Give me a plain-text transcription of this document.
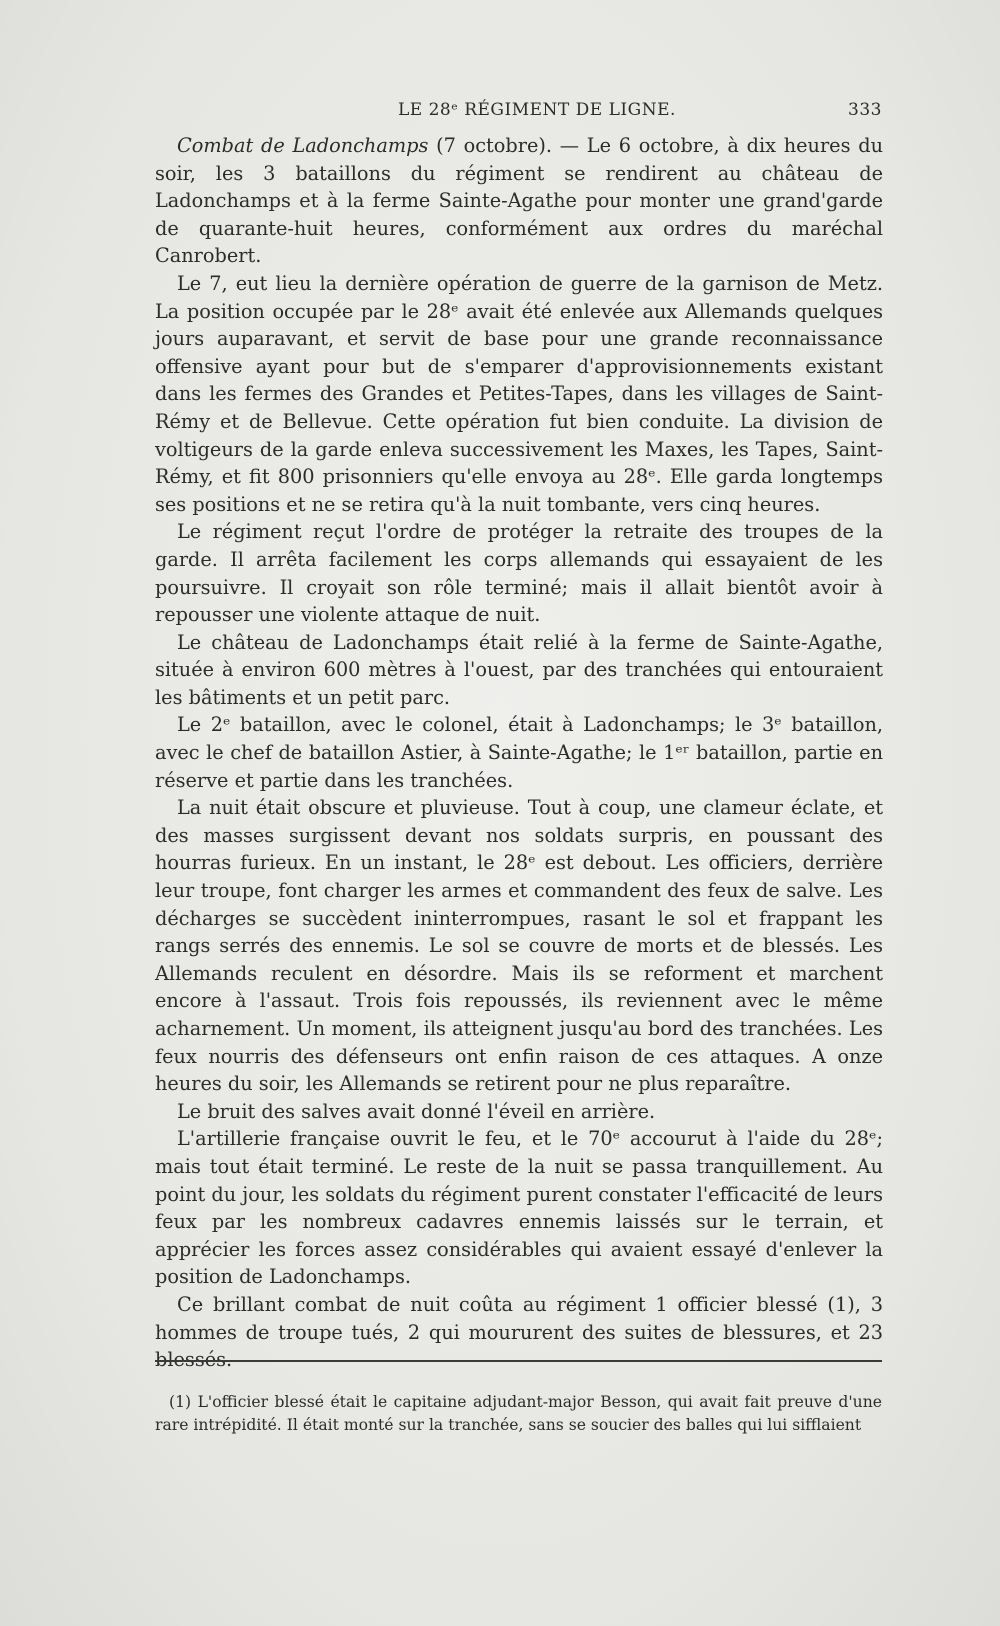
LE 28ᵉ RÉGIMENT DE LIGNE.	333

Combat de Ladonchamps (7 octobre). — Le 6 octobre, à dix heures du soir, les 3 bataillons du régiment se rendirent au château de Ladonchamps et à la ferme Sainte-Agathe pour monter une grand'garde de quarante-huit heures, conformément aux ordres du maréchal Canrobert.

Le 7, eut lieu la dernière opération de guerre de la garnison de Metz. La position occupée par le 28ᵉ avait été enlevée aux Allemands quelques jours auparavant, et servit de base pour une grande reconnaissance offensive ayant pour but de s'emparer d'approvisionnements existant dans les fermes des Grandes et Petites-Tapes, dans les villages de Saint-Rémy et de Bellevue. Cette opération fut bien conduite. La division de voltigeurs de la garde enleva successivement les Maxes, les Tapes, Saint-Rémy, et fit 800 prisonniers qu'elle envoya au 28ᵉ. Elle garda longtemps ses positions et ne se retira qu'à la nuit tombante, vers cinq heures.

Le régiment reçut l'ordre de protéger la retraite des troupes de la garde. Il arrêta facilement les corps allemands qui essayaient de les poursuivre. Il croyait son rôle terminé; mais il allait bientôt avoir à repousser une violente attaque de nuit.

Le château de Ladonchamps était relié à la ferme de Sainte-Agathe, située à environ 600 mètres à l'ouest, par des tranchées qui entouraient les bâtiments et un petit parc.

Le 2ᵉ bataillon, avec le colonel, était à Ladonchamps; le 3ᵉ bataillon, avec le chef de bataillon Astier, à Sainte-Agathe; le 1ᵉʳ bataillon, partie en réserve et partie dans les tranchées.

La nuit était obscure et pluvieuse. Tout à coup, une clameur éclate, et des masses surgissent devant nos soldats surpris, en poussant des hourras furieux. En un instant, le 28ᵉ est debout. Les officiers, derrière leur troupe, font charger les armes et commandent des feux de salve. Les décharges se succèdent ininterrompues, rasant le sol et frappant les rangs serrés des ennemis. Le sol se couvre de morts et de blessés. Les Allemands reculent en désordre. Mais ils se reforment et marchent encore à l'assaut. Trois fois repoussés, ils reviennent avec le même acharnement. Un moment, ils atteignent jusqu'au bord des tranchées. Les feux nourris des défenseurs ont enfin raison de ces attaques. A onze heures du soir, les Allemands se retirent pour ne plus reparaître.

Le bruit des salves avait donné l'éveil en arrière.

L'artillerie française ouvrit le feu, et le 70ᵉ accourut à l'aide du 28ᵉ; mais tout était terminé. Le reste de la nuit se passa tranquillement. Au point du jour, les soldats du régiment purent constater l'efficacité de leurs feux par les nombreux cadavres ennemis laissés sur le terrain, et apprécier les forces assez considérables qui avaient essayé d'enlever la position de Ladonchamps.

Ce brillant combat de nuit coûta au régiment 1 officier blessé (1), 3 hommes de troupe tués, 2 qui moururent des suites de blessures, et 23 blessés.

(1) L'officier blessé était le capitaine adjudant-major Besson, qui avait fait preuve d'une rare intrépidité. Il était monté sur la tranchée, sans se soucier des balles qui lui sifflaient
